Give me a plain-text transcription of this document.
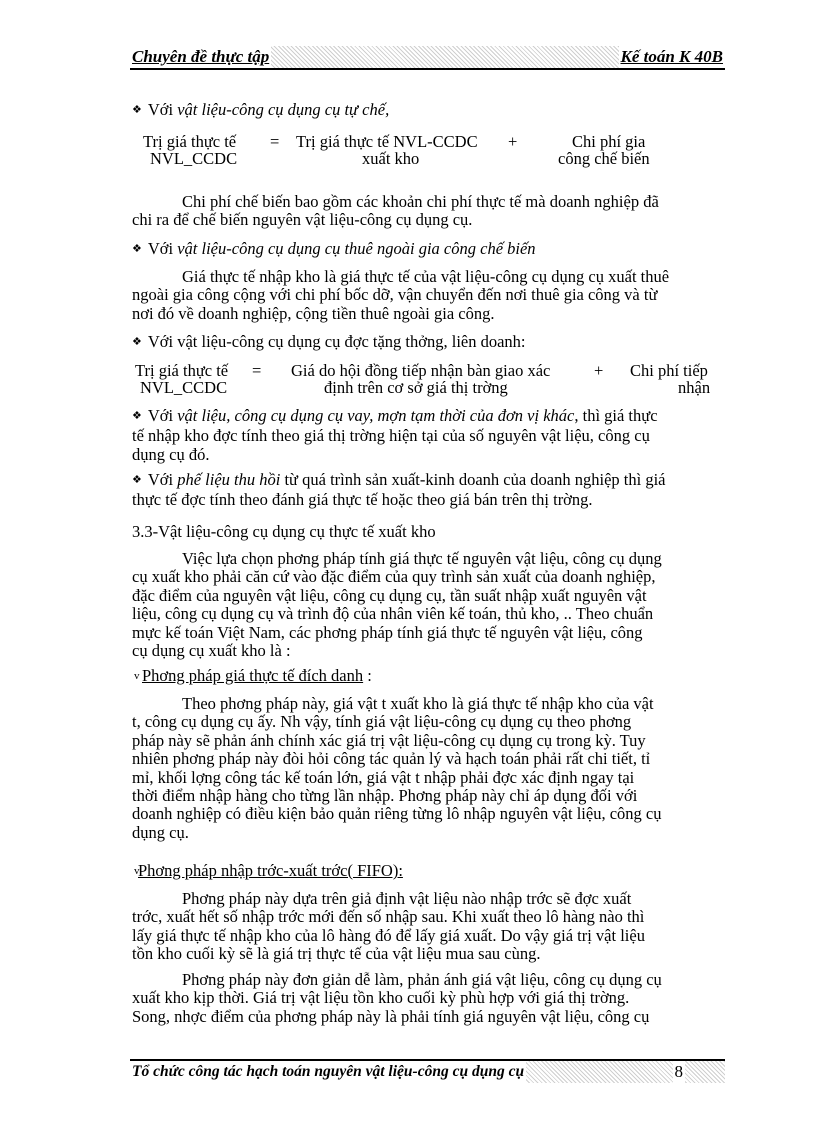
Chuyên đề thực tập	Kế toán K 40B
❖ Với vật liệu-công cụ dụng cụ tự chế,
Trị giá thực tế
NVL_CCDC
= Trị giá thực tế NVL-CCDC
xuất kho
+	Chi phí gia
công chế biến
Chi phí chế biến bao gồm các khoản chi phí thực tế mà doanh nghiệp đã
chi ra để chế biến nguyên vật liệu-công cụ dụng cụ.
❖ Với vật liệu-công cụ dụng cụ thuê ngoài gia công chế biến
Giá thực tế nhập kho là giá thực tế của vật liệu-công cụ dụng cụ xuất thuê
ngoài gia công cộng với chi phí bốc dỡ, vận chuyển đến nơi thuê gia công và từ
nơi đó về doanh nghiệp, cộng tiền thuê ngoài gia công.
❖ Với vật liệu-công cụ dụng cụ đợc tặng thởng, liên doanh:
Trị giá thực tế
NVL_CCDC
= Giá do hội đồng tiếp nhận bàn giao xác
định trên cơ sở giá thị trờng
+ Chi phí tiếp
nhận
❖ Với vật liệu, công cụ dụng cụ vay, mợn tạm thời của đơn vị khác, thì giá thực
tế nhập kho đợc tính theo giá thị trờng hiện tại của số nguyên vật liệu, công cụ
dụng cụ đó.
❖ Với phế liệu thu hồi từ quá trình sản xuất-kinh doanh của doanh nghiệp thì giá
thực tế đợc tính theo đánh giá thực tế hoặc theo giá bán trên thị trờng.
3.3-Vật liệu-công cụ dụng cụ thực tế xuất kho
Việc lựa chọn phơng pháp tính giá thực tế nguyên vật liệu, công cụ dụng
cụ xuất kho phải căn cứ vào đặc điểm của quy trình sản xuất của doanh nghiệp,
đặc điểm của nguyên vật liệu, công cụ dụng cụ, tần suất nhập xuất nguyên vật
liệu, công cụ dụng cụ và trình độ của nhân viên kế toán, thủ kho, .. Theo chuẩn
mực kế toán Việt Nam, các phơng pháp tính giá thực tế nguyên vật liệu, công
cụ dụng cụ xuất kho là :
v Phơng pháp giá thực tế đích danh :
Theo phơng pháp này, giá vật t xuất kho là giá thực tế nhập kho của vật
t, công cụ dụng cụ ấy. Nh vậy, tính giá vật liệu-công cụ dụng cụ theo phơng
pháp này sẽ phản ánh chính xác giá trị vật liệu-công cụ dụng cụ trong kỳ. Tuy
nhiên phơng pháp này đòi hỏi công tác quản lý và hạch toán phải rất chi tiết, tỉ
mỉ, khối lợng công tác kế toán lớn, giá vật t nhập phải đợc xác định ngay tại
thời điểm nhập hàng cho từng lần nhập. Phơng pháp này chỉ áp dụng đối với
doanh nghiệp có điều kiện bảo quản riêng từng lô nhập nguyên vật liệu, công cụ
dụng cụ.
v
Phơng pháp nhập trớc-xuất trớc( FIFO):
Phơng pháp này dựa trên giả định vật liệu nào nhập trớc sẽ đợc xuất
trớc, xuất hết số nhập trớc mới đến số nhập sau. Khi xuất theo lô hàng nào thì
lấy giá thực tế nhập kho của lô hàng đó để lấy giá xuất. Do vậy giá trị vật liệu
tồn kho cuối kỳ sẽ là giá trị thực tế của vật liệu mua sau cùng.
Phơng pháp này đơn giản dễ làm, phản ánh giá vật liệu, công cụ dụng cụ
xuất kho kịp thời. Giá trị vật liệu tồn kho cuối kỳ phù hợp với giá thị trờng.
Song, nhợc điểm của phơng pháp này là phải tính giá nguyên vật liệu, công cụ
Tổ chức công tác hạch toán nguyên vật liệu-công cụ dụng cụ	8
